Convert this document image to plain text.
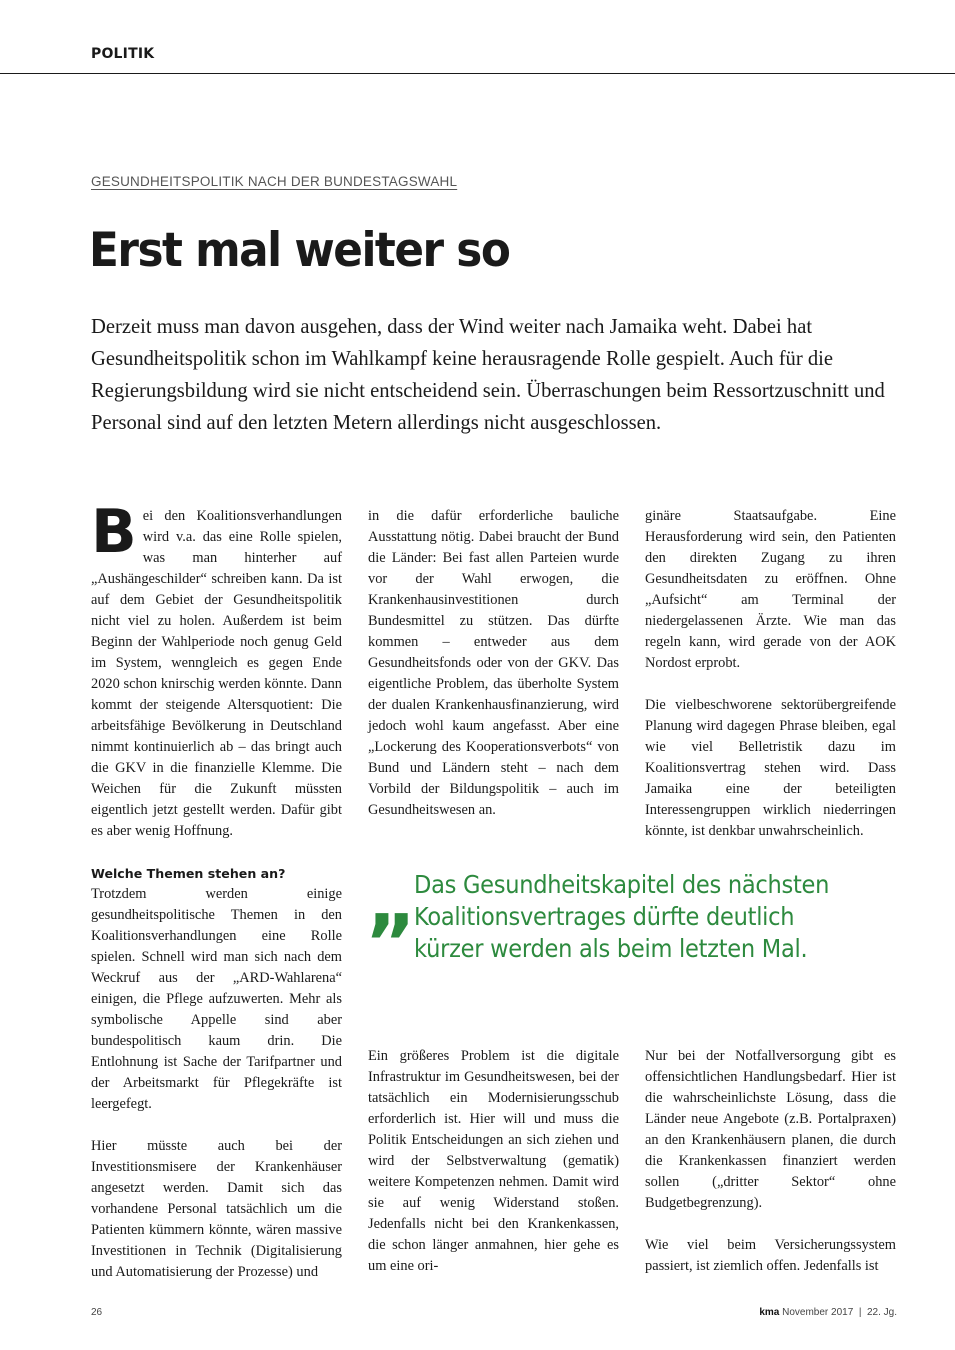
POLITIK
GESUNDHEITSPOLITIK NACH DER BUNDESTAGSWAHL
Erst mal weiter so

Derzeit muss man davon ausgehen, dass der Wind weiter nach Jamaika weht. Dabei hat Gesundheitspolitik schon im Wahlkampf keine herausragende Rolle gespielt. Auch für die Regierungsbildung wird sie nicht entscheidend sein. Überraschungen beim Ressortzuschnitt und Personal sind auf den letzten Metern allerdings nicht ausgeschlossen.

Bei den Koalitionsverhandlungen wird v.a. das eine Rolle spielen, was man hinterher auf „Aushängeschilder“ schreiben kann. Da ist auf dem Gebiet der Gesundheitspolitik nicht viel zu holen. Außerdem ist beim Beginn der Wahlperiode noch genug Geld im System, wenngleich es gegen Ende 2020 schon knirschig werden könnte. Dann kommt der steigende Altersquotient: Die arbeitsfähige Bevölkerung in Deutschland nimmt kontinuierlich ab – das bringt auch die GKV in die finanzielle Klemme. Die Weichen für die Zukunft müssten eigentlich jetzt gestellt werden. Dafür gibt es aber wenig Hoffnung.

Welche Themen stehen an?
Trotzdem werden einige gesundheitspolitische Themen in den Koalitionsverhandlungen eine Rolle spielen. Schnell wird man sich nach dem Weckruf aus der „ARD-Wahlarena“ einigen, die Pflege aufzuwerten. Mehr als symbolische Appelle sind aber bundespolitisch kaum drin. Die Entlohnung ist Sache der Tarifpartner und der Arbeitsmarkt für Pflegekräfte ist leergefegt.

Hier müsste auch bei der Investitionsmisere der Krankenhäuser angesetzt werden. Damit sich das vorhandene Personal tatsächlich um die Patienten kümmern könnte, wären massive Investitionen in Technik (Digitalisierung und Automatisierung der Prozesse) und

in die dafür erforderliche bauliche Ausstattung nötig. Dabei braucht der Bund die Länder: Bei fast allen Parteien wurde vor der Wahl erwogen, die Krankenhausinvestitionen durch Bundesmittel zu stützen. Das dürfte kommen – entweder aus dem Gesundheitsfonds oder von der GKV. Das eigentliche Problem, das überholte System der dualen Krankenhausfinanzierung, wird jedoch wohl kaum angefasst. Aber eine „Lockerung des Kooperationsverbots“ von Bund und Ländern steht – nach dem Vorbild der Bildungspolitik – auch im Gesundheitswesen an.

ginäre Staatsaufgabe. Eine Herausforderung wird sein, den Patienten den direkten Zugang zu ihren Gesundheitsdaten zu eröffnen. Ohne „Aufsicht“ am Terminal der niedergelassenen Ärzte. Wie man das regeln kann, wird gerade von der AOK Nordost erprobt.

Die vielbeschworene sektorübergreifende Planung wird dagegen Phrase bleiben, egal wie viel Belletristik dazu im Koalitionsvertrag stehen wird. Dass Jamaika eine der beteiligten Interessengruppen wirklich niederringen könnte, ist denkbar unwahrscheinlich.

„ Das Gesundheitskapitel des nächsten Koalitionsvertrages dürfte deutlich kürzer werden als beim letzten Mal.

Ein größeres Problem ist die digitale Infrastruktur im Gesundheitswesen, bei der tatsächlich ein Modernisierungsschub erforderlich ist. Hier will und muss die Politik Entscheidungen an sich ziehen und wird der Selbstverwaltung (gematik) weitere Kompetenzen nehmen. Damit wird sie auf wenig Widerstand stoßen. Jedenfalls nicht bei den Krankenkassen, die schon länger anmahnen, hier gehe es um eine ori-

Nur bei der Notfallversorgung gibt es offensichtlichen Handlungsbedarf. Hier ist die wahrscheinlichste Lösung, dass die Länder neue Angebote (z.B. Portalpraxen) an den Krankenhäusern planen, die durch die Krankenkassen finanziert werden sollen („dritter Sektor“ ohne Budgetbegrenzung).

Wie viel beim Versicherungssystem passiert, ist ziemlich offen. Jedenfalls ist

26	kma November 2017  |  22. Jg.
